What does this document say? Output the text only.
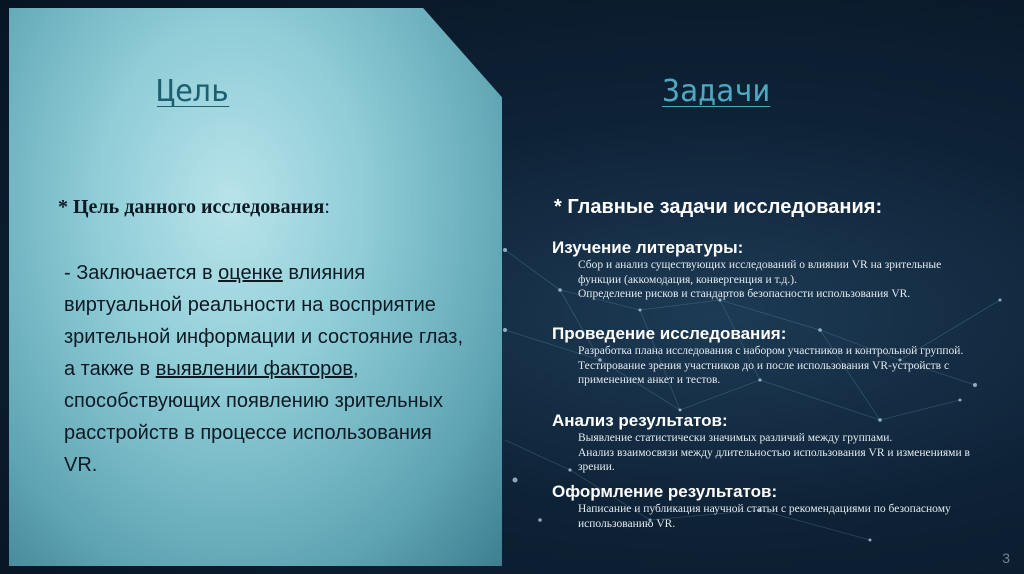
Цель
* Цель данного исследования:
- Заключается в оценке влияния виртуальной реальности на восприятие зрительной информации и состояние глаз, а также в выявлении факторов, способствующих появлению зрительных расстройств в процессе использования VR.
Задачи
* Главные задачи исследования:
Изучение литературы:
Сбор и анализ существующих исследований о влиянии VR на зрительные функции (аккомодация, конвергенция и т.д.).
Определение рисков и стандартов безопасности использования VR.
Проведение исследования:
Разработка плана исследования с набором участников и контрольной группой.
Тестирование зрения участников до и после использования VR-устройств с применением анкет и тестов.
Анализ результатов:
Выявление статистически значимых различий между группами.
Анализ взаимосвязи между длительностью использования VR и изменениями в зрении.
Оформление результатов:
Написание и публикация научной статьи с рекомендациями по безопасному использованию VR.
3
